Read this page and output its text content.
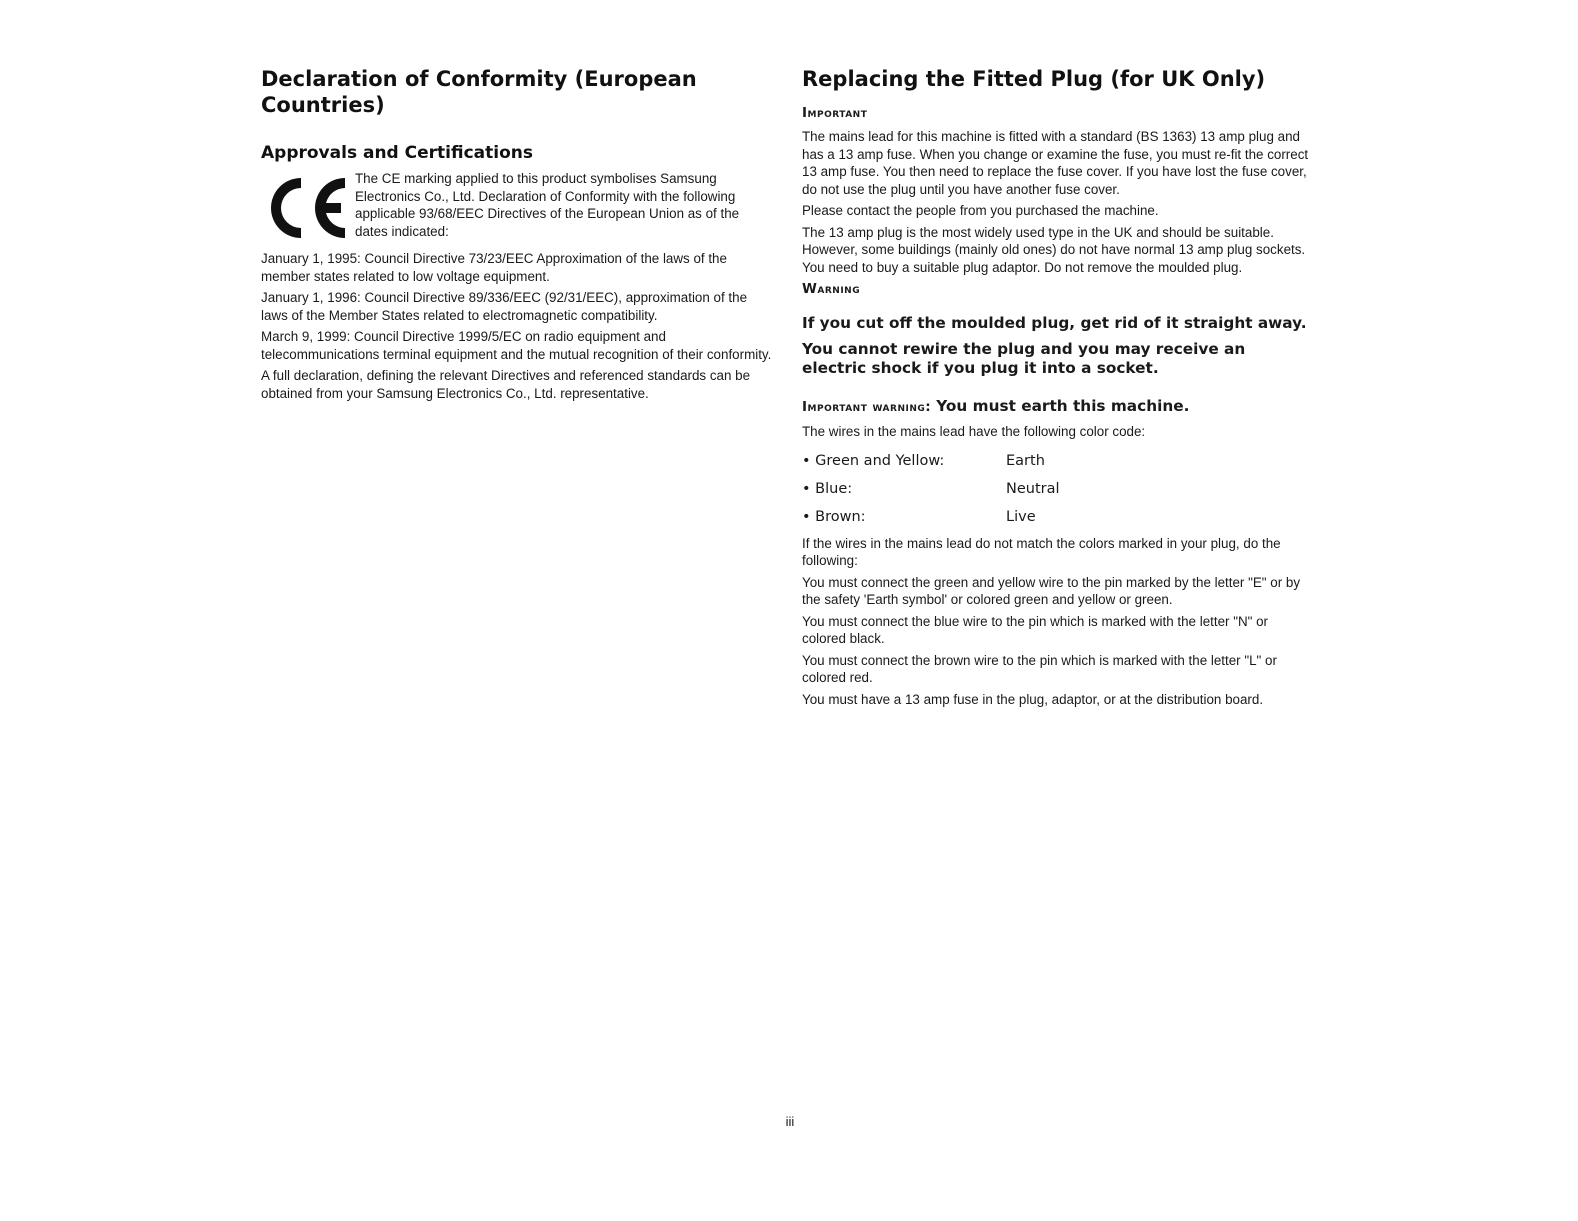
Declaration of Conformity (European Countries)
Approvals and Certifications

The CE marking applied to this product symbolises Samsung Electronics Co., Ltd. Declaration of Conformity with the following applicable 93/68/EEC Directives of the European Union as of the dates indicated:

January 1, 1995: Council Directive 73/23/EEC Approximation of the laws of the member states related to low voltage equipment.

January 1, 1996: Council Directive 89/336/EEC (92/31/EEC), approximation of the laws of the Member States related to electromagnetic compatibility.

March 9, 1999: Council Directive 1999/5/EC on radio equipment and telecommunications terminal equipment and the mutual recognition of their conformity.

A full declaration, defining the relevant Directives and referenced standards can be obtained from your Samsung Electronics Co., Ltd. representative.

Replacing the Fitted Plug (for UK Only)
Important

The mains lead for this machine is fitted with a standard (BS 1363) 13 amp plug and has a 13 amp fuse. When you change or examine the fuse, you must re-fit the correct 13 amp fuse. You then need to replace the fuse cover. If you have lost the fuse cover, do not use the plug until you have another fuse cover.

Please contact the people from you purchased the machine.

The 13 amp plug is the most widely used type in the UK and should be suitable. However, some buildings (mainly old ones) do not have normal 13 amp plug sockets. You need to buy a suitable plug adaptor. Do not remove the moulded plug.

Warning
If you cut off the moulded plug, get rid of it straight away.
You cannot rewire the plug and you may receive an electric shock if you plug it into a socket.
Important warning: You must earth this machine.

The wires in the mains lead have the following color code:

• Green and Yellow:	Earth
• Blue:	Neutral
• Brown:	Live

If the wires in the mains lead do not match the colors marked in your plug, do the following:

You must connect the green and yellow wire to the pin marked by the letter "E" or by the safety 'Earth symbol' or colored green and yellow or green.

You must connect the blue wire to the pin which is marked with the letter "N" or colored black.

You must connect the brown wire to the pin which is marked with the letter "L" or colored red.

You must have a 13 amp fuse in the plug, adaptor, or at the distribution board.

iii
